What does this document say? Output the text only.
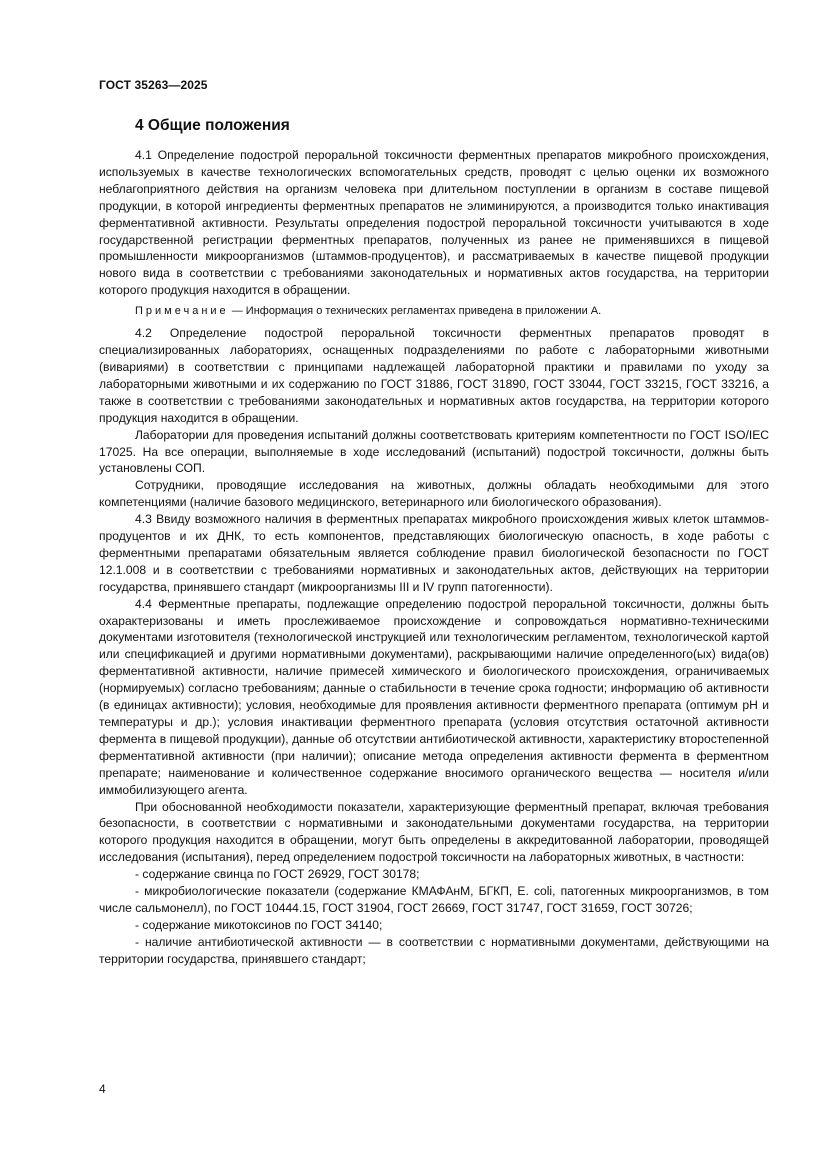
ГОСТ 35263—2025
4 Общие положения

4.1 Определение подострой пероральной токсичности ферментных препаратов микробного происхождения, используемых в качестве технологических вспомогательных средств, проводят с целью оценки их возможного неблагоприятного действия на организм человека при длительном поступлении в организм в составе пищевой продукции, в которой ингредиенты ферментных препаратов не элиминируются, а производится только инактивация ферментативной активности. Результаты определения подострой пероральной токсичности учитываются в ходе государственной регистрации ферментных препаратов, полученных из ранее не применявшихся в пищевой промышленности микроорганизмов (штаммов-продуцентов), и рассматриваемых в качестве пищевой продукции нового вида в соответствии с требованиями законодательных и нормативных актов государства, на территории которого продукция находится в обращении.

Примечание — Информация о технических регламентах приведена в приложении А.

4.2 Определение подострой пероральной токсичности ферментных препаратов проводят в специализированных лабораториях, оснащенных подразделениями по работе с лабораторными животными (вивариями) в соответствии с принципами надлежащей лабораторной практики и правилами по уходу за лабораторными животными и их содержанию по ГОСТ 31886, ГОСТ 31890, ГОСТ 33044, ГОСТ 33215, ГОСТ 33216, а также в соответствии с требованиями законодательных и нормативных актов государства, на территории которого продукция находится в обращении.

Лаборатории для проведения испытаний должны соответствовать критериям компетентности по ГОСТ ISO/IEC 17025. На все операции, выполняемые в ходе исследований (испытаний) подострой токсичности, должны быть установлены СОП.

Сотрудники, проводящие исследования на животных, должны обладать необходимыми для этого компетенциями (наличие базового медицинского, ветеринарного или биологического образования).

4.3 Ввиду возможного наличия в ферментных препаратах микробного происхождения живых клеток штаммов-продуцентов и их ДНК, то есть компонентов, представляющих биологическую опасность, в ходе работы с ферментными препаратами обязательным является соблюдение правил биологической безопасности по ГОСТ 12.1.008 и в соответствии с требованиями нормативных и законодательных актов, действующих на территории государства, принявшего стандарт (микроорганизмы III и IV групп патогенности).

4.4 Ферментные препараты, подлежащие определению подострой пероральной токсичности, должны быть охарактеризованы и иметь прослеживаемое происхождение и сопровождаться нормативно-техническими документами изготовителя (технологической инструкцией или технологическим регламентом, технологической картой или спецификацией и другими нормативными документами), раскрывающими наличие определенного(ых) вида(ов) ферментативной активности, наличие примесей химического и биологического происхождения, ограничиваемых (нормируемых) согласно требованиям; данные о стабильности в течение срока годности; информацию об активности (в единицах активности); условия, необходимые для проявления активности ферментного препарата (оптимум pH и температуры и др.); условия инактивации ферментного препарата (условия отсутствия остаточной активности фермента в пищевой продукции), данные об отсутствии антибиотической активности, характеристику второстепенной ферментативной активности (при наличии); описание метода определения активности фермента в ферментном препарате; наименование и количественное содержание вносимого органического вещества — носителя и/или иммобилизующего агента.

При обоснованной необходимости показатели, характеризующие ферментный препарат, включая требования безопасности, в соответствии с нормативными и законодательными документами государства, на территории которого продукция находится в обращении, могут быть определены в аккредитованной лаборатории, проводящей исследования (испытания), перед определением подострой токсичности на лабораторных животных, в частности:

- содержание свинца по ГОСТ 26929, ГОСТ 30178;

- микробиологические показатели (содержание КМАФАнМ, БГКП, E. coli, патогенных микроорганизмов, в том числе сальмонелл), по ГОСТ 10444.15, ГОСТ 31904, ГОСТ 26669, ГОСТ 31747, ГОСТ 31659, ГОСТ 30726;

- содержание микотоксинов по ГОСТ 34140;

- наличие антибиотической активности — в соответствии с нормативными документами, действующими на территории государства, принявшего стандарт;

4
